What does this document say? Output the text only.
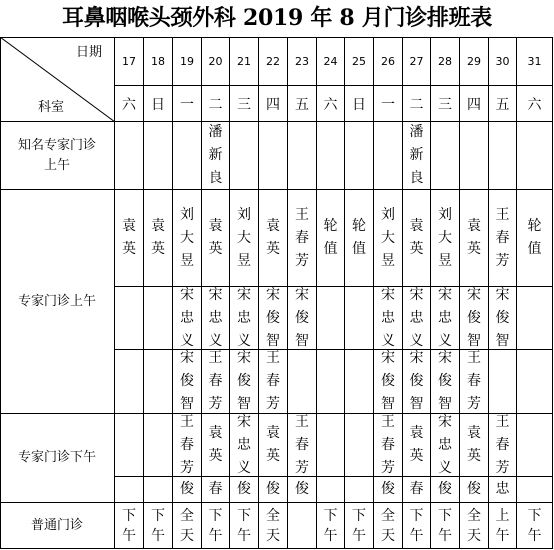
耳鼻咽喉头颈外科 2019 年 8 月门诊排班表
日期
科室
17
六
18
日
19
一
20
二
21
三
22
四
23
五
24
六
25
日
26
一
27
二
28
三
29
四
30
五
31
六
知名专家门诊上午
专家门诊上午
专家门诊下午
普通门诊
潘
新
良
潘
新
良
袁
英
袁
英
刘
大
昱
袁
英
刘
大
昱
袁
英
王
春
芳
轮
值
轮
值
刘
大
昱
袁
英
刘
大
昱
袁
英
王
春
芳
轮
值
宋
忠
义
宋
忠
义
宋
忠
义
宋
俊
智
宋
俊
智
宋
忠
义
宋
忠
义
宋
忠
义
宋
俊
智
宋
俊
智
宋
俊
智
王
春
芳
宋
俊
智
王
春
芳
宋
俊
智
宋
俊
智
宋
俊
智
王
春
芳
王
春
芳
袁
英
宋
忠
义
袁
英
王
春
芳
王
春
芳
袁
英
宋
忠
义
袁
英
王
春
芳
俊 春 俊 俊 俊	俊 春 俊 俊 忠
下
午
下
午
全
天
下
午
下
午
全
天
下
午
下
午
全
天
下
午
下
午
全
天
上
午
下
午
